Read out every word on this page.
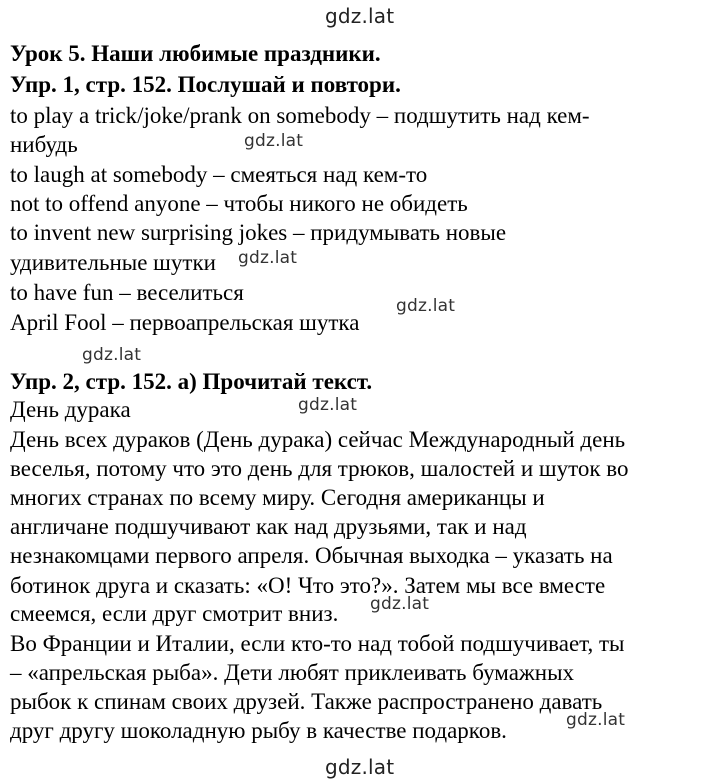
gdz.lat
gdz.lat
gdz.lat
gdz.lat
gdz.lat
gdz.lat
gdz.lat
gdz.lat
gdz.lat
Урок 5. Наши любимые праздники.
Упр. 1, стр. 152. Послушай и повтори.
to play a trick/joke/prank on somebody – подшутить над кем-
нибудь
to laugh at somebody – смеяться над кем-то
not to offend anyone – чтобы никого не обидеть
to invent new surprising jokes – придумывать новые
удивительные шутки
to have fun – веселиться
April Fool – первоапрельская шутка
Упр. 2, стр. 152. а) Прочитай текст.
День дурака
День всех дураков (День дурака) сейчас Международный день
веселья, потому что это день для трюков, шалостей и шуток во
многих странах по всему миру. Сегодня американцы и
англичане подшучивают как над друзьями, так и над
незнакомцами первого апреля. Обычная выходка – указать на
ботинок друга и сказать: «О! Что это?». Затем мы все вместе
смеемся, если друг смотрит вниз.
Во Франции и Италии, если кто-то над тобой подшучивает, ты
– «апрельская рыба». Дети любят приклеивать бумажных
рыбок к спинам своих друзей. Также распространено давать
друг другу шоколадную рыбу в качестве подарков.
